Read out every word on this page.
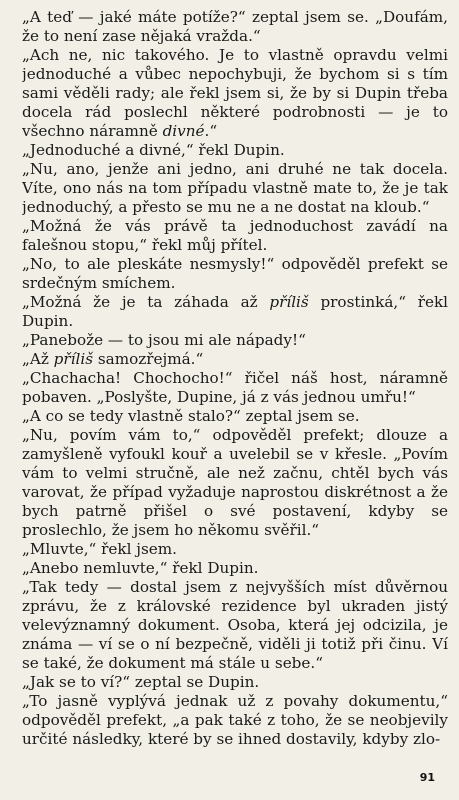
„A teď — jaké máte potíže?“ zeptal jsem se. „Doufám, že to není zase nějaká vražda.“

„Ach ne, nic takového. Je to vlastně opravdu velmi jednoduché a vůbec nepochybuji, že bychom si s tím sami věděli rady; ale řekl jsem si, že by si Dupin třeba docela rád poslechl některé podrobnosti — je to všechno náramně divné.“

„Jednoduché a divné,“ řekl Dupin.

„Nu, ano, jenže ani jedno, ani druhé ne tak docela. Víte, ono nás na tom případu vlastně mate to, že je tak jednoduchý, a přesto se mu ne a ne dostat na kloub.“

„Možná že vás právě ta jednoduchost zavádí na falešnou stopu,“ řekl můj přítel.

„No, to ale pleskáte nesmysly!“ odpověděl prefekt se srdečným smíchem.

„Možná že je ta záhada až příliš prostinká,“ řekl Dupin.

„Panebože — to jsou mi ale nápady!“

„Až příliš samozřejmá.“

„Chachacha! Chochocho!“ řičel náš host, náramně pobaven. „Poslyšte, Dupine, já z vás jednou umřu!“

„A co se tedy vlastně stalo?“ zeptal jsem se.

„Nu, povím vám to,“ odpověděl prefekt; dlouze a zamyšleně vyfoukl kouř a uvelebil se v křesle. „Povím vám to velmi stručně, ale než začnu, chtěl bych vás varovat, že případ vyžaduje naprostou diskrétnost a že bych patrně přišel o své postavení, kdyby se proslechlo, že jsem ho někomu svěřil.“

„Mluvte,“ řekl jsem.

„Anebo nemluvte,“ řekl Dupin.

„Tak tedy — dostal jsem z nejvyšších míst důvěrnou zprávu, že z královské rezidence byl ukraden jistý velevýznamný dokument. Osoba, která jej odcizila, je známa — ví se o ní bezpečně, viděli ji totiž při činu. Ví se také, že dokument má stále u sebe.“

„Jak se to ví?“ zeptal se Dupin.

„To jasně vyplývá jednak už z povahy dokumentu,“ odpověděl prefekt, „a pak také z toho, že se neobjevily určité následky, které by se ihned dostavily, kdyby zlo-

91
